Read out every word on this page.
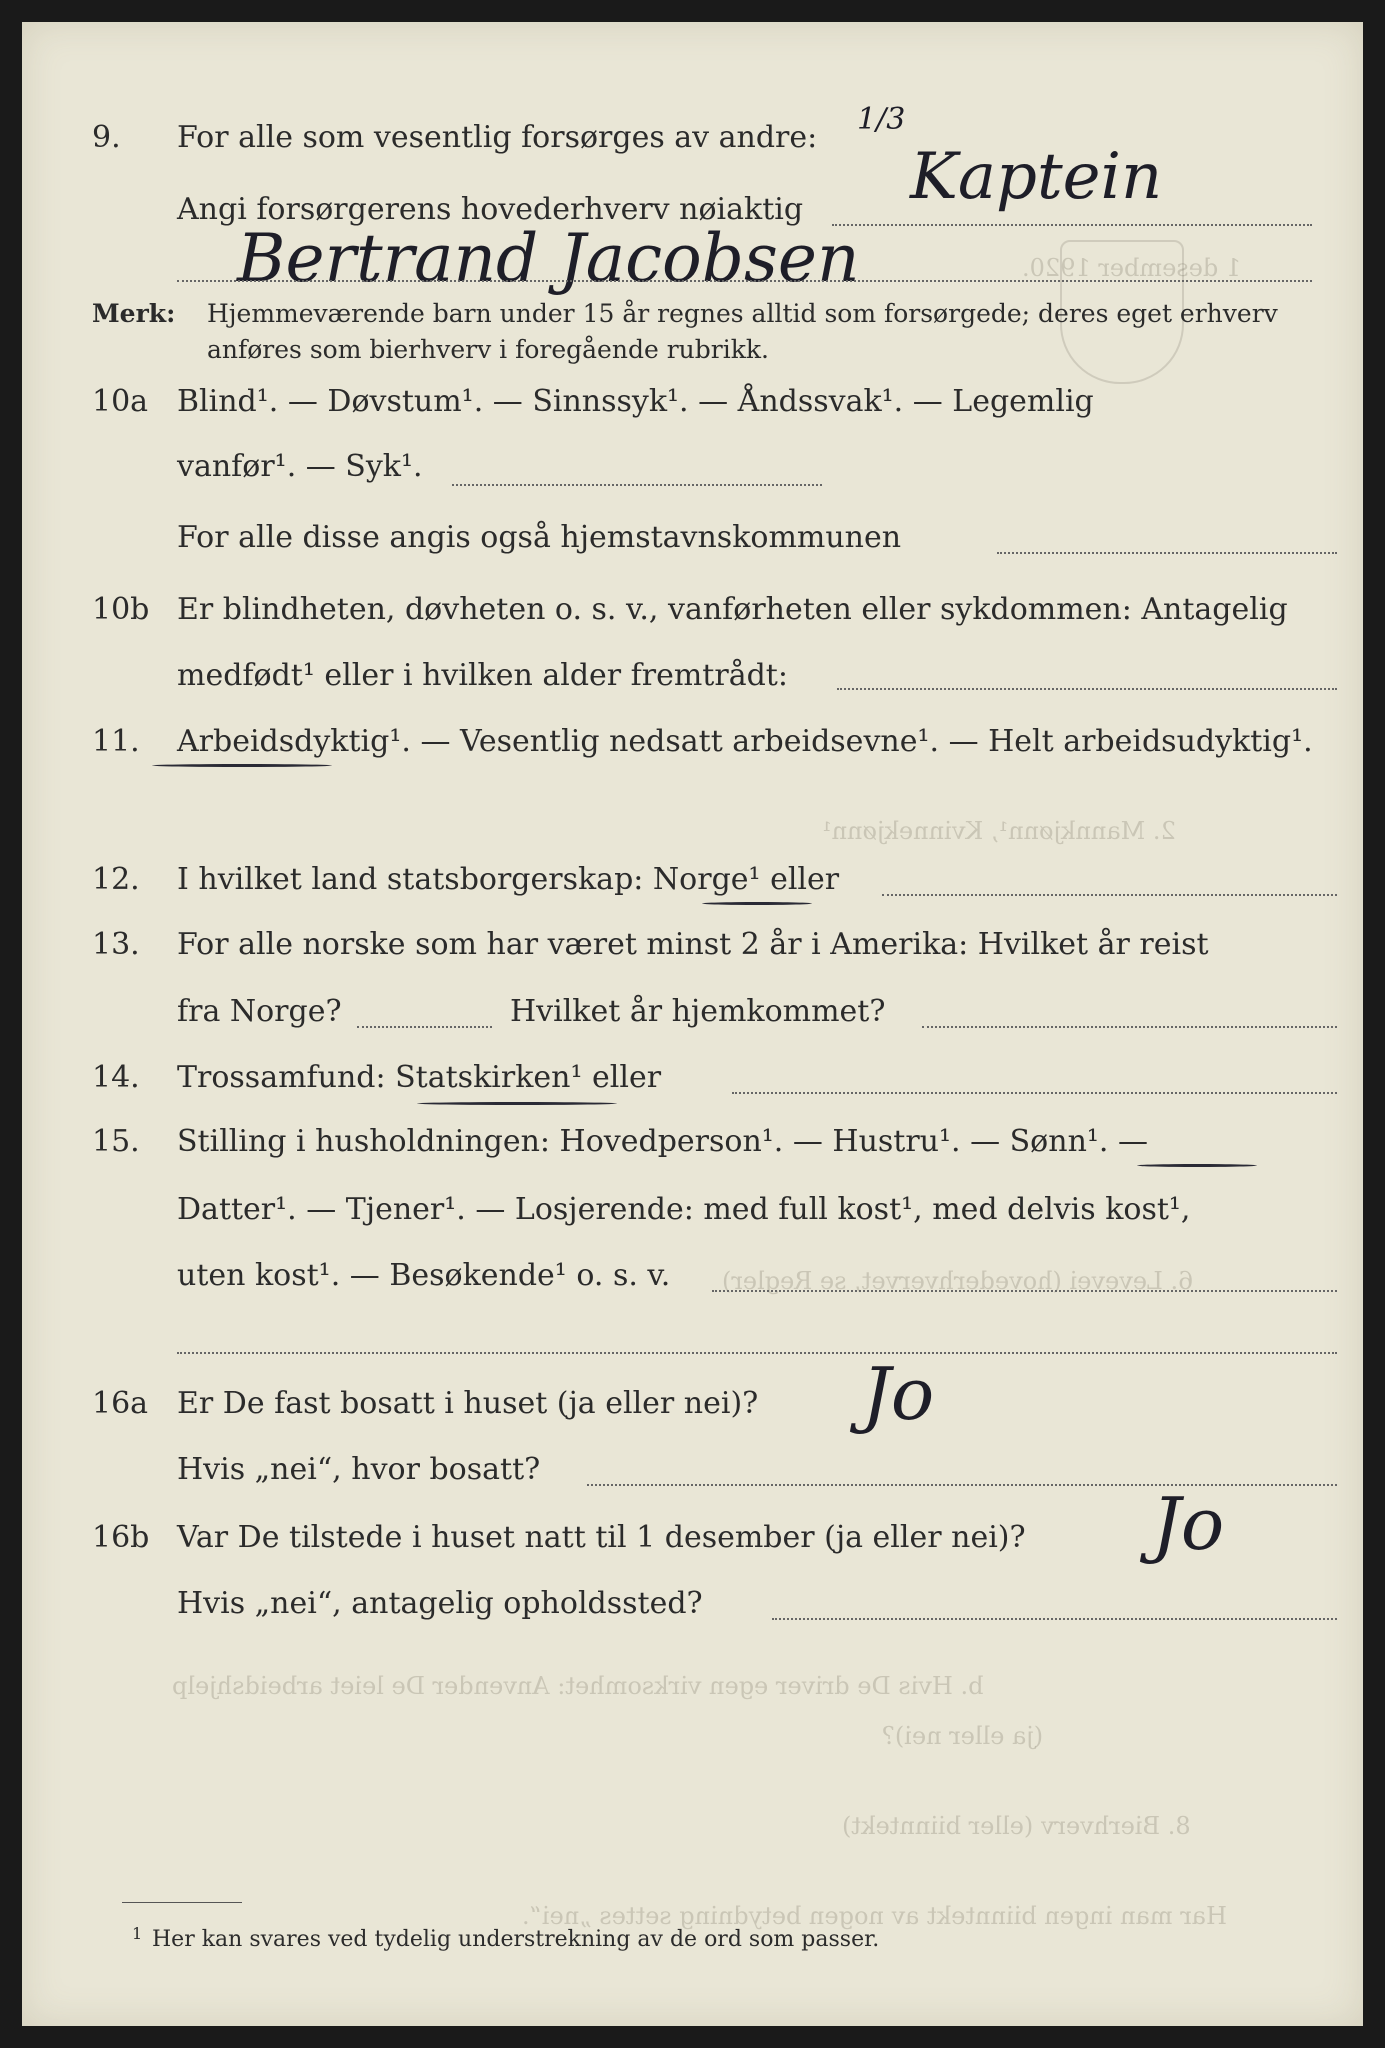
1 desember 1920.
2. Mannkjønn¹, Kvinnekjønn¹
6. Levevei (hovederhvervet, se Regler)
b. Hvis De driver egen virksomhet: Anvender De leiet arbeidshjelp
(ja eller nei)?
8. Bierhverv (eller biinntekt)
Har man ingen biinntekt av nogen betydning settes „nei“.
9. For alle som vesentlig forsørges av andre:
1/3
Kaptein
Angi forsørgerens hovederhverv nøiaktig
Bertrand Jacobsen
Merk: Hjemmeværende barn under 15 år regnes alltid som forsørgede; deres eget erhverv
anføres som bierhverv i foregående rubrikk.
10a Blind¹. — Døvstum¹. — Sinnssyk¹. — Åndssvak¹. — Legemlig
vanfør¹. — Syk¹.
For alle disse angis også hjemstavnskommunen
10b Er blindheten, døvheten o. s. v., vanførheten eller sykdommen: Antagelig
medfødt¹ eller i hvilken alder fremtrådt:
11. Arbeidsdyktig¹. — Vesentlig nedsatt arbeidsevne¹. — Helt arbeidsudyktig¹.
12. I hvilket land statsborgerskap: Norge¹ eller
13. For alle norske som har været minst 2 år i Amerika: Hvilket år reist
fra Norge?	Hvilket år hjemkommet?
14. Trossamfund: Statskirken¹ eller
15. Stilling i husholdningen: Hovedperson¹. — Hustru¹. — Sønn¹. —
Datter¹. — Tjener¹. — Losjerende: med full kost¹, med delvis kost¹,
uten kost¹. — Besøkende¹ o. s. v.
16a Er De fast bosatt i huset (ja eller nei)? Jo
Hvis „nei“, hvor bosatt?
16b Var De tilstede i huset natt til 1 desember (ja eller nei)? Jo
Hvis „nei“, antagelig opholdssted?
1 Her kan svares ved tydelig understrekning av de ord som passer.
